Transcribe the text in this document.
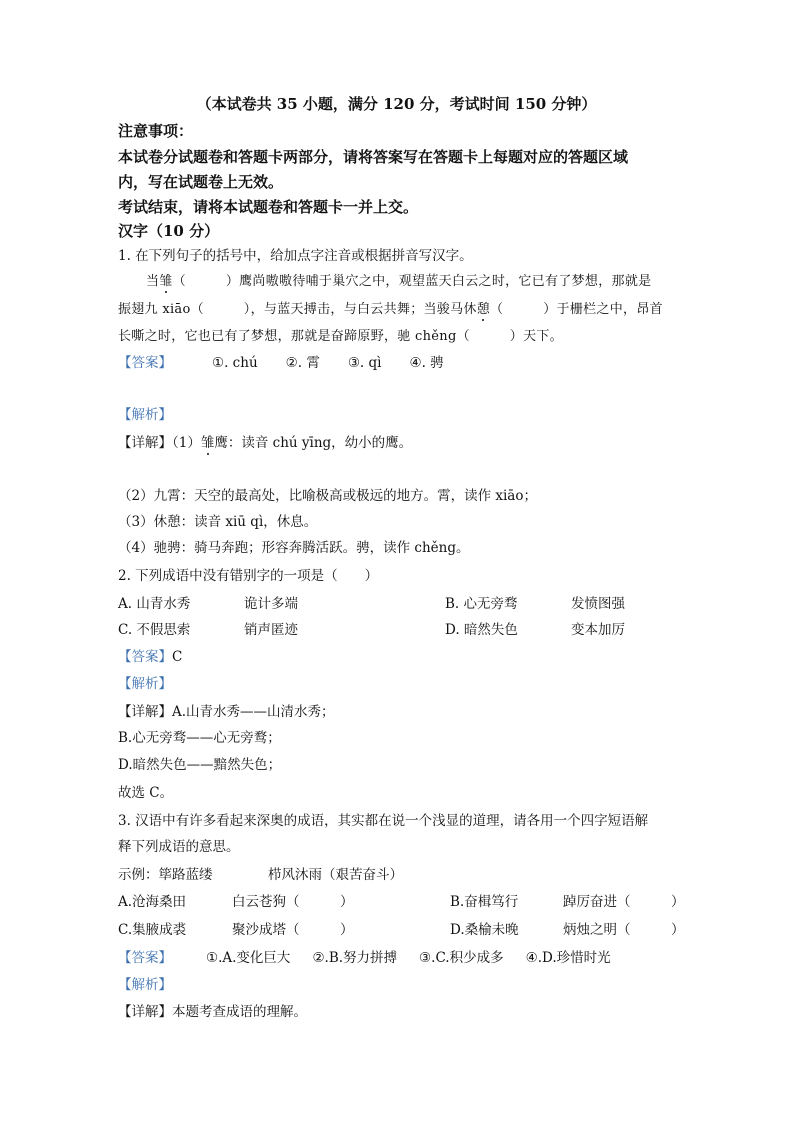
（本试卷共 35 小题，满分 120 分，考试时间 150 分钟）
注意事项：
本试卷分试题卷和答题卡两部分，请将答案写在答题卡上每题对应的答题区域
内，写在试题卷上无效。
考试结束，请将本试题卷和答题卡一并上交。
汉字（10 分）
1. 在下列句子的括号中，给加点字注音或根据拼音写汉字。
当雏（　　　）鹰尚嗷嗷待哺于巢穴之中，观望蓝天白云之时，它已有了梦想，那就是
振翅九 xiāo（　　　），与蓝天搏击，与白云共舞；当骏马休憩（　　　）于栅栏之中，昂首
长嘶之时，它也已有了梦想，那就是奋蹄原野，驰 chěng（　　　）天下。
【答案】	①. chú ②. 霄 ③. qì ④. 骋
【解析】
【详解】（1）雏鹰：读音 chú yīng，幼小的鹰。
（2）九霄：天空的最高处，比喻极高或极远的地方。霄，读作 xiāo；
（3）休憩：读音 xiū qì，休息。
（4）驰骋：骑马奔跑；形容奔腾活跃。骋，读作 chěng。
2. 下列成语中没有错别字的一项是（　　）
A. 山青水秀	诡计多端	B. 心无旁骛	发愤图强
C. 不假思索	销声匿迹	D. 暗然失色	变本加厉
【答案】C
【解析】
【详解】A.山青水秀——山清水秀；
B.心无旁骛——心无旁鹜；
D.暗然失色——黯然失色；
故选 C。
3. 汉语中有许多看起来深奥的成语，其实都在说一个浅显的道理，请各用一个四字短语解
释下列成语的意思。
示例：筚路蓝缕	栉风沐雨（艰苦奋斗）
A.沧海桑田	白云苍狗（　　　）	B.奋楫笃行	踔厉奋进（　　　）
C.集腋成裘	聚沙成塔（　　　）	D.桑榆未晚	炳烛之明（　　　）
【答案】	①.A.变化巨大 ②.B.努力拼搏 ③.C.积少成多 ④.D.珍惜时光
【解析】
【详解】本题考查成语的理解。
